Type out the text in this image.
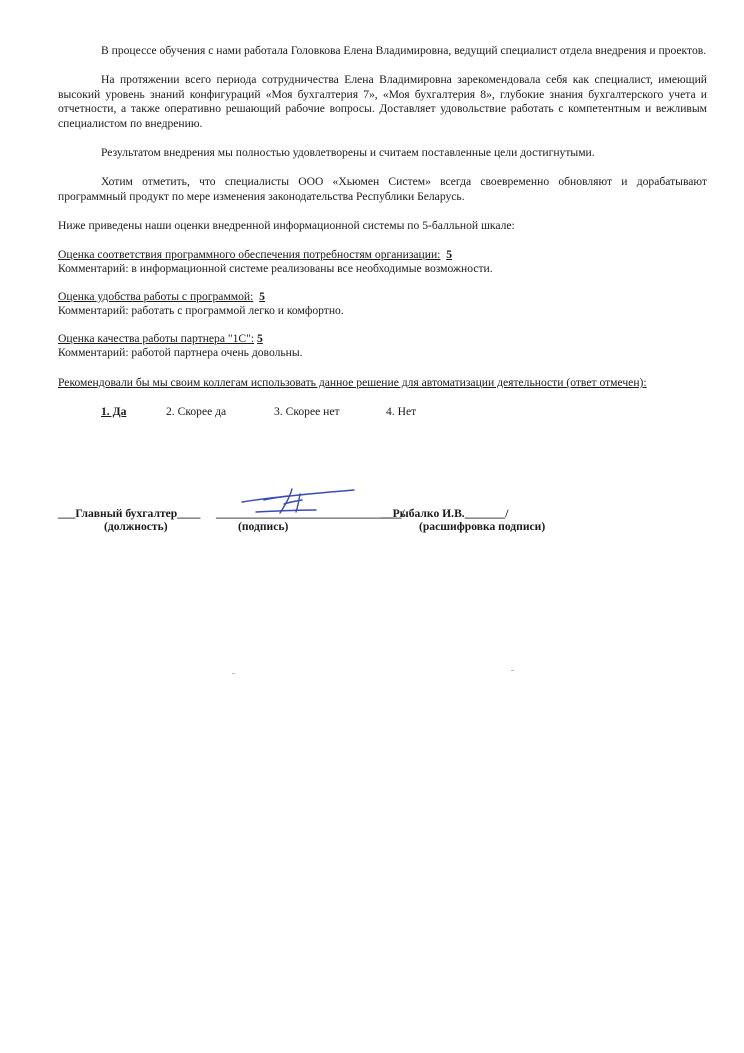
В процессе обучения с нами работала Головкова Елена Владимировна, ведущий специалист отдела внедрения и проектов.

На протяжении всего периода сотрудничества Елена Владимировна зарекомендовала себя как специалист, имеющий высокий уровень знаний конфигураций «Моя бухгалтерия 7», «Моя бухгалтерия 8», глубокие знания бухгалтерского учета и отчетности, а также оперативно решающий рабочие вопросы. Доставляет удовольствие работать с компетентным и вежливым специалистом по внедрению.

Результатом внедрения мы полностью удовлетворены и считаем поставленные цели достигнутыми.

Хотим отметить, что специалисты ООО «Хьюмен Систем» всегда своевременно обновляют и дорабатывают программный продукт по мере изменения законодательства Республики Беларусь.

Ниже приведены наши оценки внедренной информационной системы по 5-балльной шкале:

Оценка соответствия программного обеспечения потребностям организации: 5
Комментарий: в информационной системе реализованы все необходимые возможности.
Оценка удобства работы с программой: 5
Комментарий: работать с программой легко и комфортно.
Оценка качества работы партнера "1С": 5
Комментарий: работой партнера очень довольны.
Рекомендовали бы мы своим коллегам использовать данное решение для автоматизации деятельности (ответ отмечен):
1. Да	2. Скорее да	3. Скорее нет	4. Нет
___Главный бухгалтер____ ________________________________/
__Рыбалко И.В._______/
(должность)	(подпись)	(расшифровка подписи)
